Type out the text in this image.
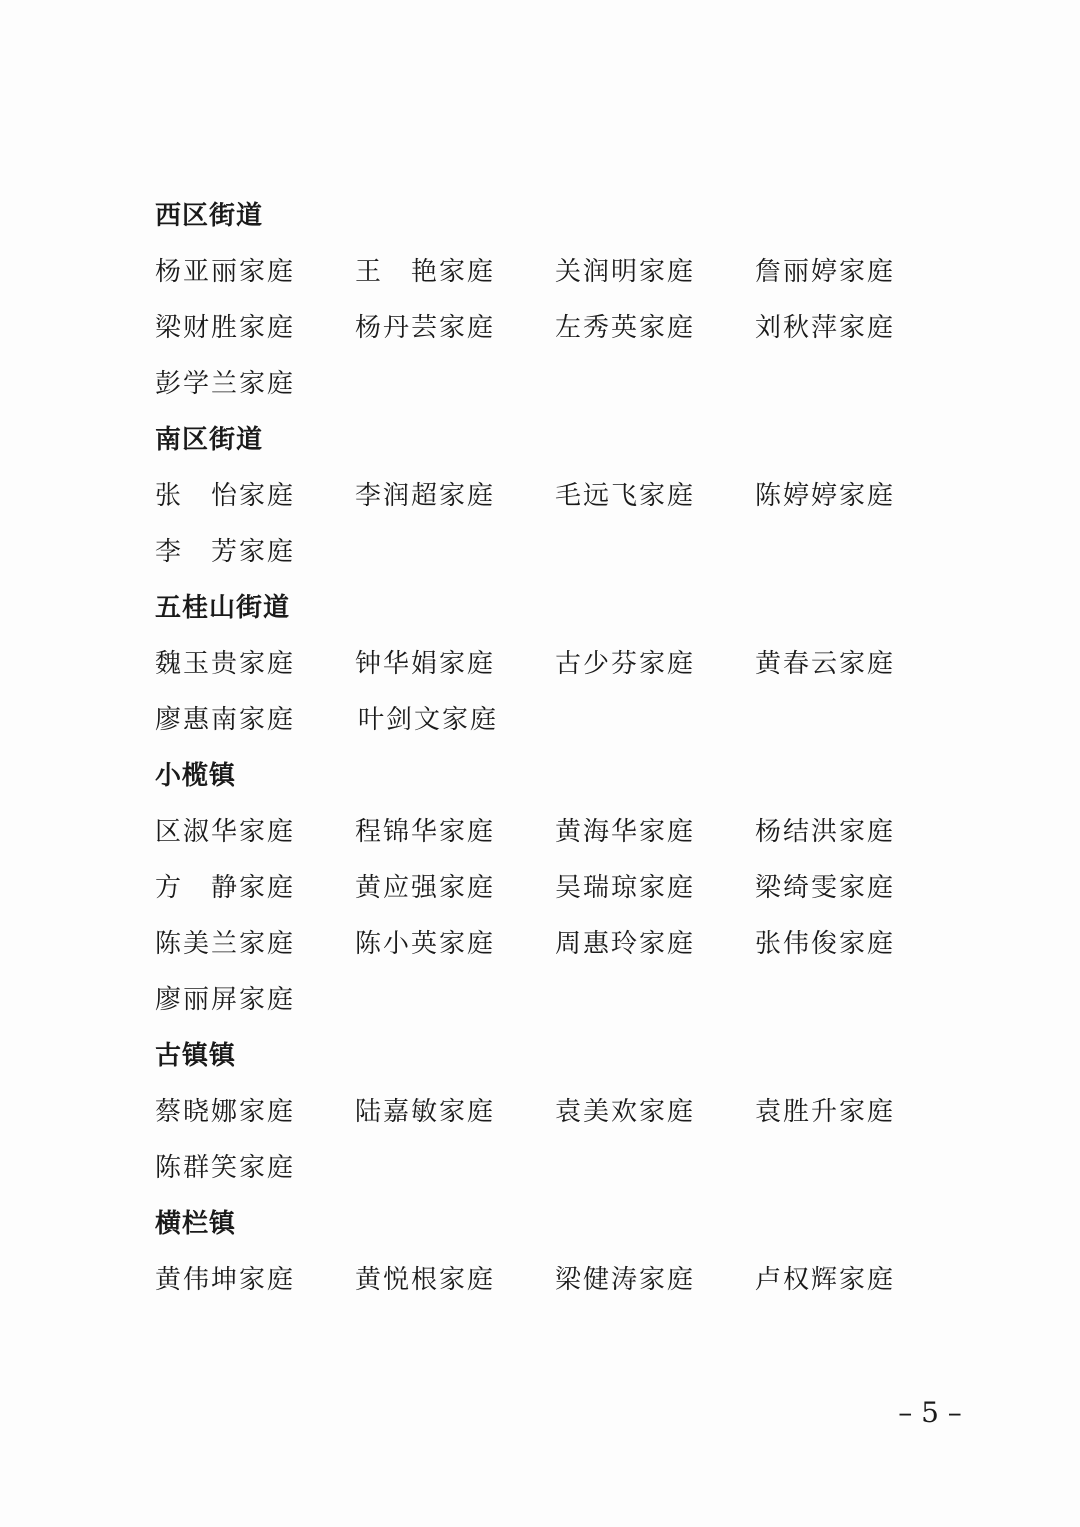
西区街道
杨亚丽家庭	王　艳家庭	关润明家庭	詹丽婷家庭
梁财胜家庭	杨丹芸家庭	左秀英家庭	刘秋萍家庭
彭学兰家庭
南区街道
张　怡家庭	李润超家庭	毛远飞家庭	陈婷婷家庭
李　芳家庭
五桂山街道
魏玉贵家庭	钟华娟家庭	古少芬家庭	黄春云家庭
廖惠南家庭	叶剑文家庭
小榄镇
区淑华家庭	程锦华家庭	黄海华家庭	杨结洪家庭
方　静家庭	黄应强家庭	吴瑞琼家庭	梁绮雯家庭
陈美兰家庭	陈小英家庭	周惠玲家庭	张伟俊家庭
廖丽屏家庭
古镇镇
蔡晓娜家庭	陆嘉敏家庭	袁美欢家庭	袁胜升家庭
陈群笑家庭
横栏镇
黄伟坤家庭	黄悦根家庭	梁健涛家庭	卢权辉家庭
– 5 –
